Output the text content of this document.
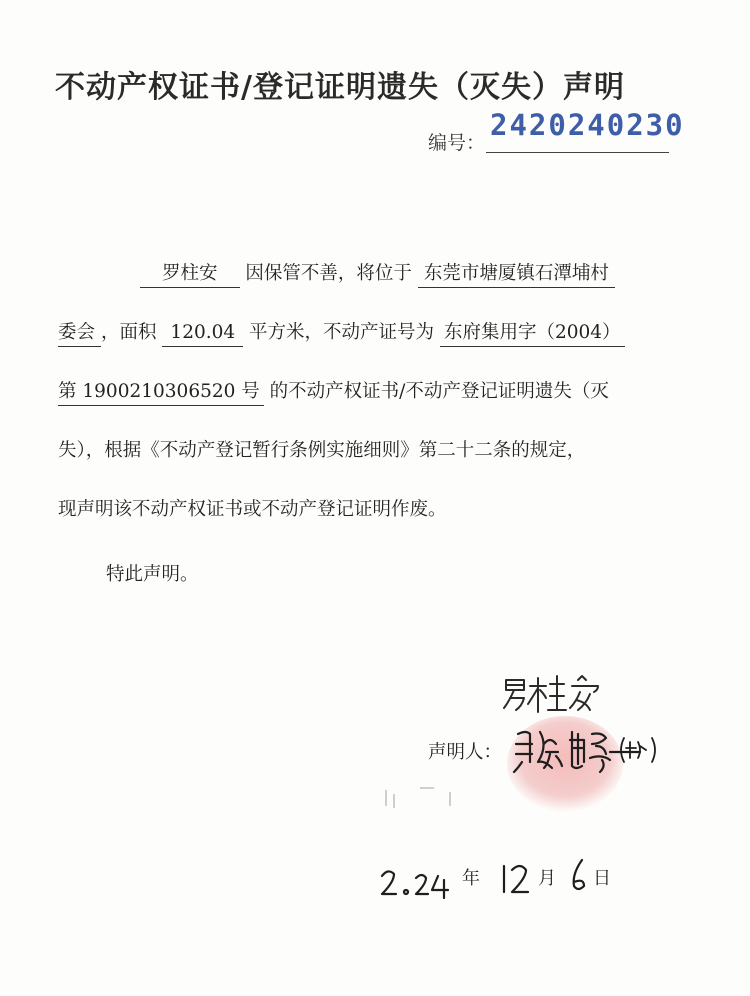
不动产权证书/登记证明遗失（灭失）声明
编号：
2420240230
罗柱安 因保管不善，将位于 东莞市塘厦镇石潭埔村
委会 ，面积 120.04 平方米，不动产证号为 东府集用字（2004）
第 1900210306520 号 的不动产权证书/不动产登记证明遗失（灭
失），根据《不动产登记暂行条例实施细则》第二十二条的规定，
现声明该不动产权证书或不动产登记证明作废。
特此声明。
声明人：
年	月 日
